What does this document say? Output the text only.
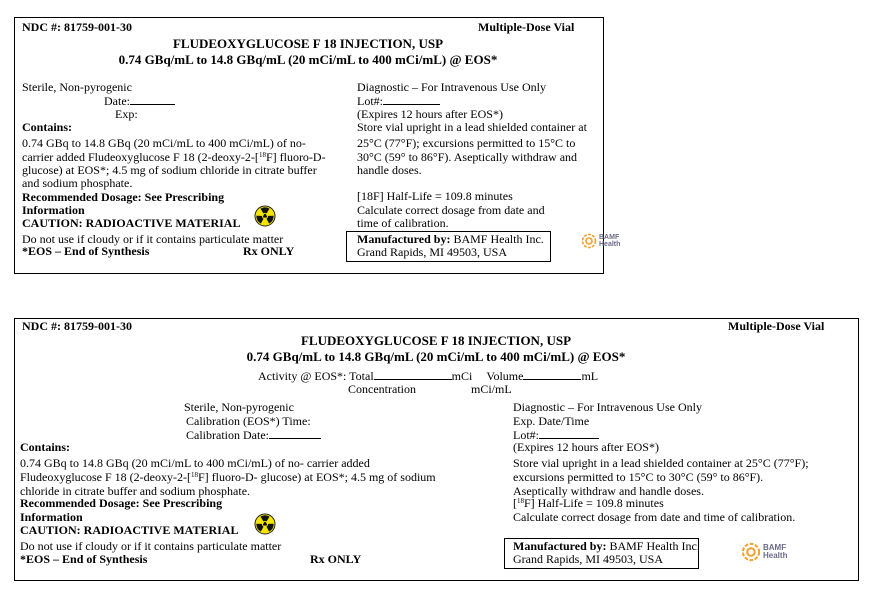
NDC #: 81759-001-30	Multiple-Dose Vial
FLUDEOXYGLUCOSE F 18 INJECTION, USP
0.74 GBq/mL to 14.8 GBq/mL (20 mCi/mL to 400 mCi/mL) @ EOS*
Sterile, Non-pyrogenic
Date:
Exp:
Contains:
0.74 GBq to 14.8 GBq (20 mCi/mL to 400 mCi/mL) of no-
carrier added Fludeoxyglucose F 18 (2-deoxy-2-[$^{18}$F] fluoro-D-
glucose) at EOS*; 4.5 mg of sodium chloride in citrate buffer
and sodium phosphate.
Recommended Dosage: See Prescribing
Information
CAUTION: RADIOACTIVE MATERIAL
Do not use if cloudy or if it contains particulate matter
*EOS – End of Synthesis	Rx ONLY
Diagnostic – For Intravenous Use Only
Lot#:
(Expires 12 hours after EOS*)
Store vial upright in a lead shielded container at
25°C (77°F); excursions permitted to 15°C to
30°C (59° to 86°F). Aseptically withdraw and
handle doses.
[18F] Half-Life = 109.8 minutes
Calculate correct dosage from date and
time of calibration.
Manufactured by: BAMF Health Inc.
Grand Rapids, MI 49503, USA
BAMF
Health
NDC #: 81759-001-30	Multiple-Dose Vial
FLUDEOXYGLUCOSE F 18 INJECTION, USP
0.74 GBq/mL to 14.8 GBq/mL (20 mCi/mL to 400 mCi/mL) @ EOS*
Activity @ EOS*: Total	mCi Volume	mL
Concentration	mCi/mL
Sterile, Non-pyrogenic
Calibration (EOS*) Time:
Calibration Date:
Contains:
0.74 GBq to 14.8 GBq (20 mCi/mL to 400 mCi/mL) of no- carrier added
Fludeoxyglucose F 18 (2-deoxy-2-[$^{18}$F] fluoro-D- glucose) at EOS*; 4.5 mg of sodium
chloride in citrate buffer and sodium phosphate.
Recommended Dosage: See Prescribing
Information
CAUTION: RADIOACTIVE MATERIAL
Do not use if cloudy or if it contains particulate matter
*EOS – End of Synthesis	Rx ONLY
Diagnostic – For Intravenous Use Only
Exp. Date/Time
Lot#:
(Expires 12 hours after EOS*)
Store vial upright in a lead shielded container at 25°C (77°F);
excursions permitted to 15°C to 30°C (59° to 86°F).
Aseptically withdraw and handle doses.
[$^{18}$F] Half-Life = 109.8 minutes
Calculate correct dosage from date and time of calibration.
Manufactured by: BAMF Health Inc.
Grand Rapids, MI 49503, USA
BAMF
Health
